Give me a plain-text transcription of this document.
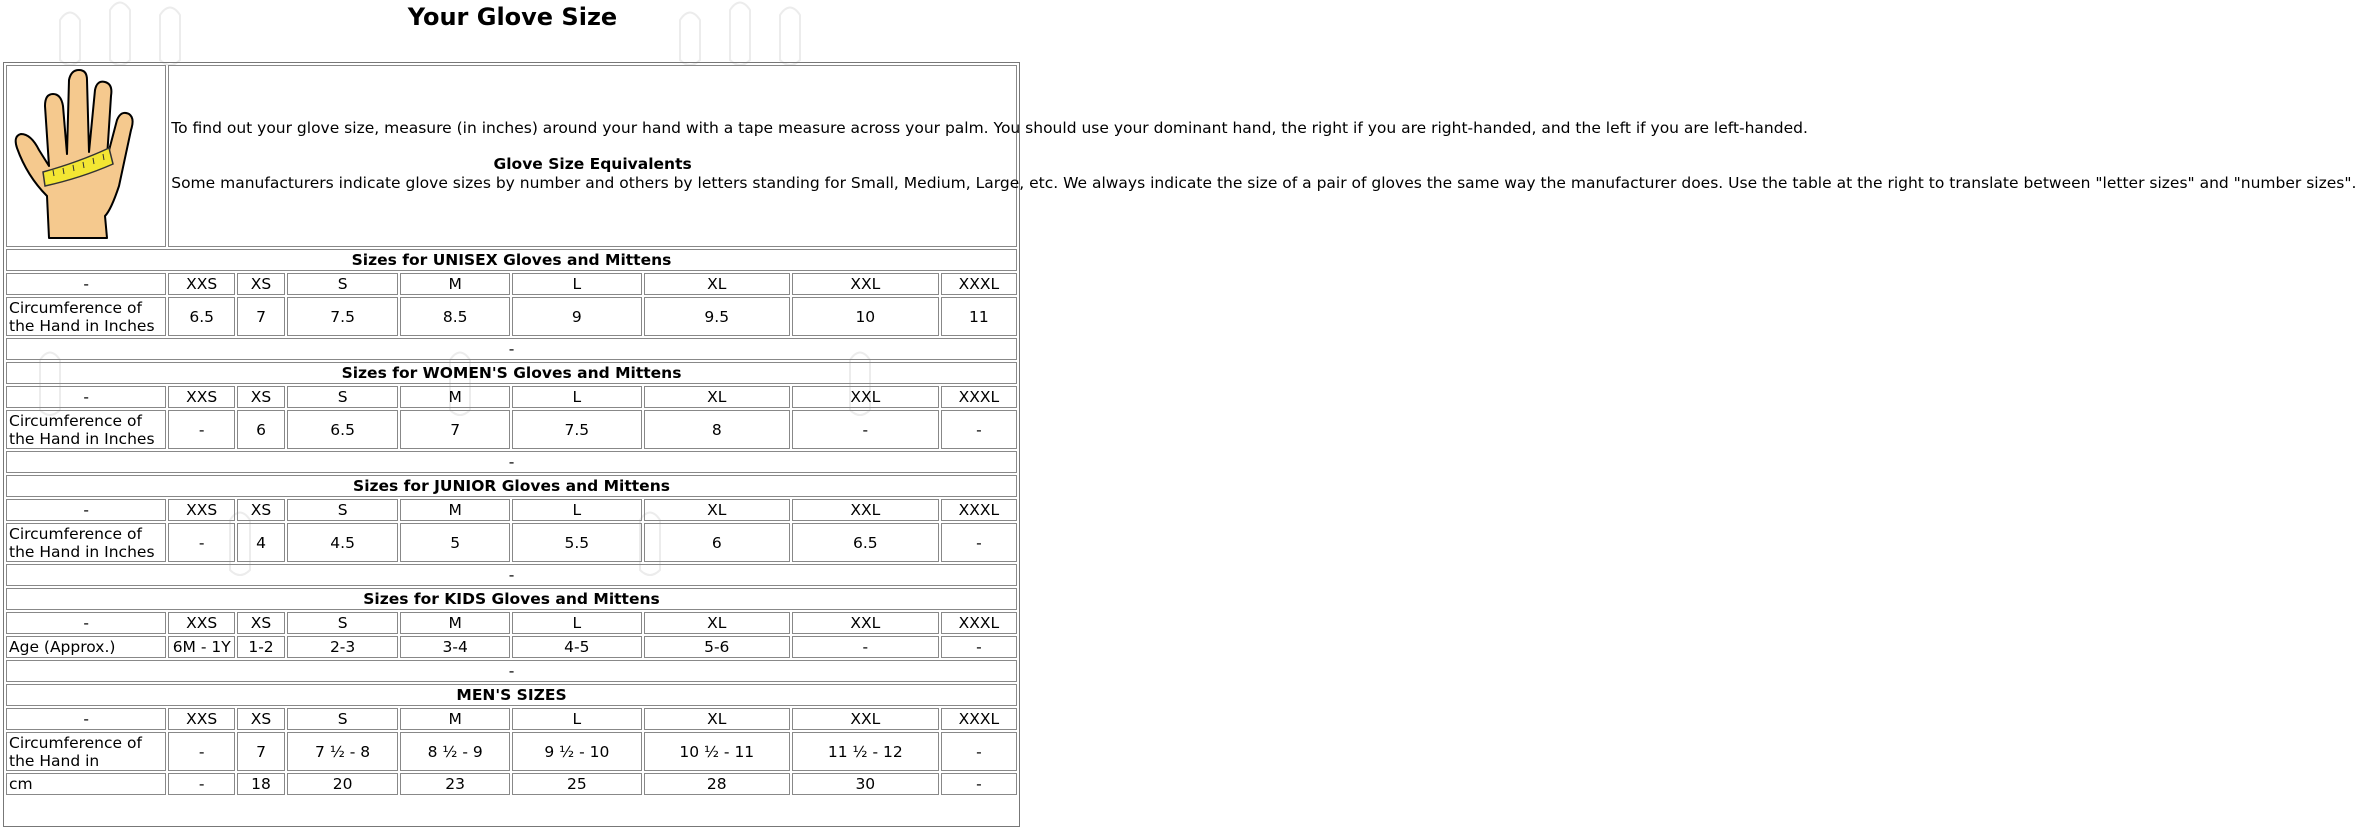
Your Glove Size

To find out your glove size, measure (in inches) around your hand with a tape measure across your palm. You should use your dominant hand, the right if you are right-handed, and the left if you are left-handed.

Glove Size Equivalents
Some manufacturers indicate glove sizes by number and others by letters standing for Small, Medium, Large, etc. We always indicate the size of a pair of gloves the same way the manufacturer does. Use the table at the right to translate between "letter sizes" and "number sizes".							

Sizes for UNISEX Gloves and Mittens								
-	XXS	XS	S	M	L	XL	XXL	XXXL
Circumference of the Hand in Inches	6.5	7	7.5	8.5	9	9.5	10	11
-								
Sizes for WOMEN'S Gloves and Mittens								
-	XXS	XS	S	M	L	XL	XXL	XXXL
Circumference of the Hand in Inches	-	6	6.5	7	7.5	8	-	-
-								
Sizes for JUNIOR Gloves and Mittens								
-	XXS	XS	S	M	L	XL	XXL	XXXL
Circumference of the Hand in Inches	-	4	4.5	5	5.5	6	6.5	-
-								
Sizes for KIDS Gloves and Mittens								
-	XXS	XS	S	M	L	XL	XXL	XXXL
Age (Approx.)	6M - 1Y	1-2	2-3	3-4	4-5	5-6	-	-
-								
MEN'S SIZES								
-	XXS	XS	S	M	L	XL	XXL	XXXL
Circumference of the Hand in	-	7	7 ½ - 8	8 ½ - 9	9 ½ - 10	10 ½ - 11	11 ½ - 12	-
cm	-	18	20	23	25	28	30	-
